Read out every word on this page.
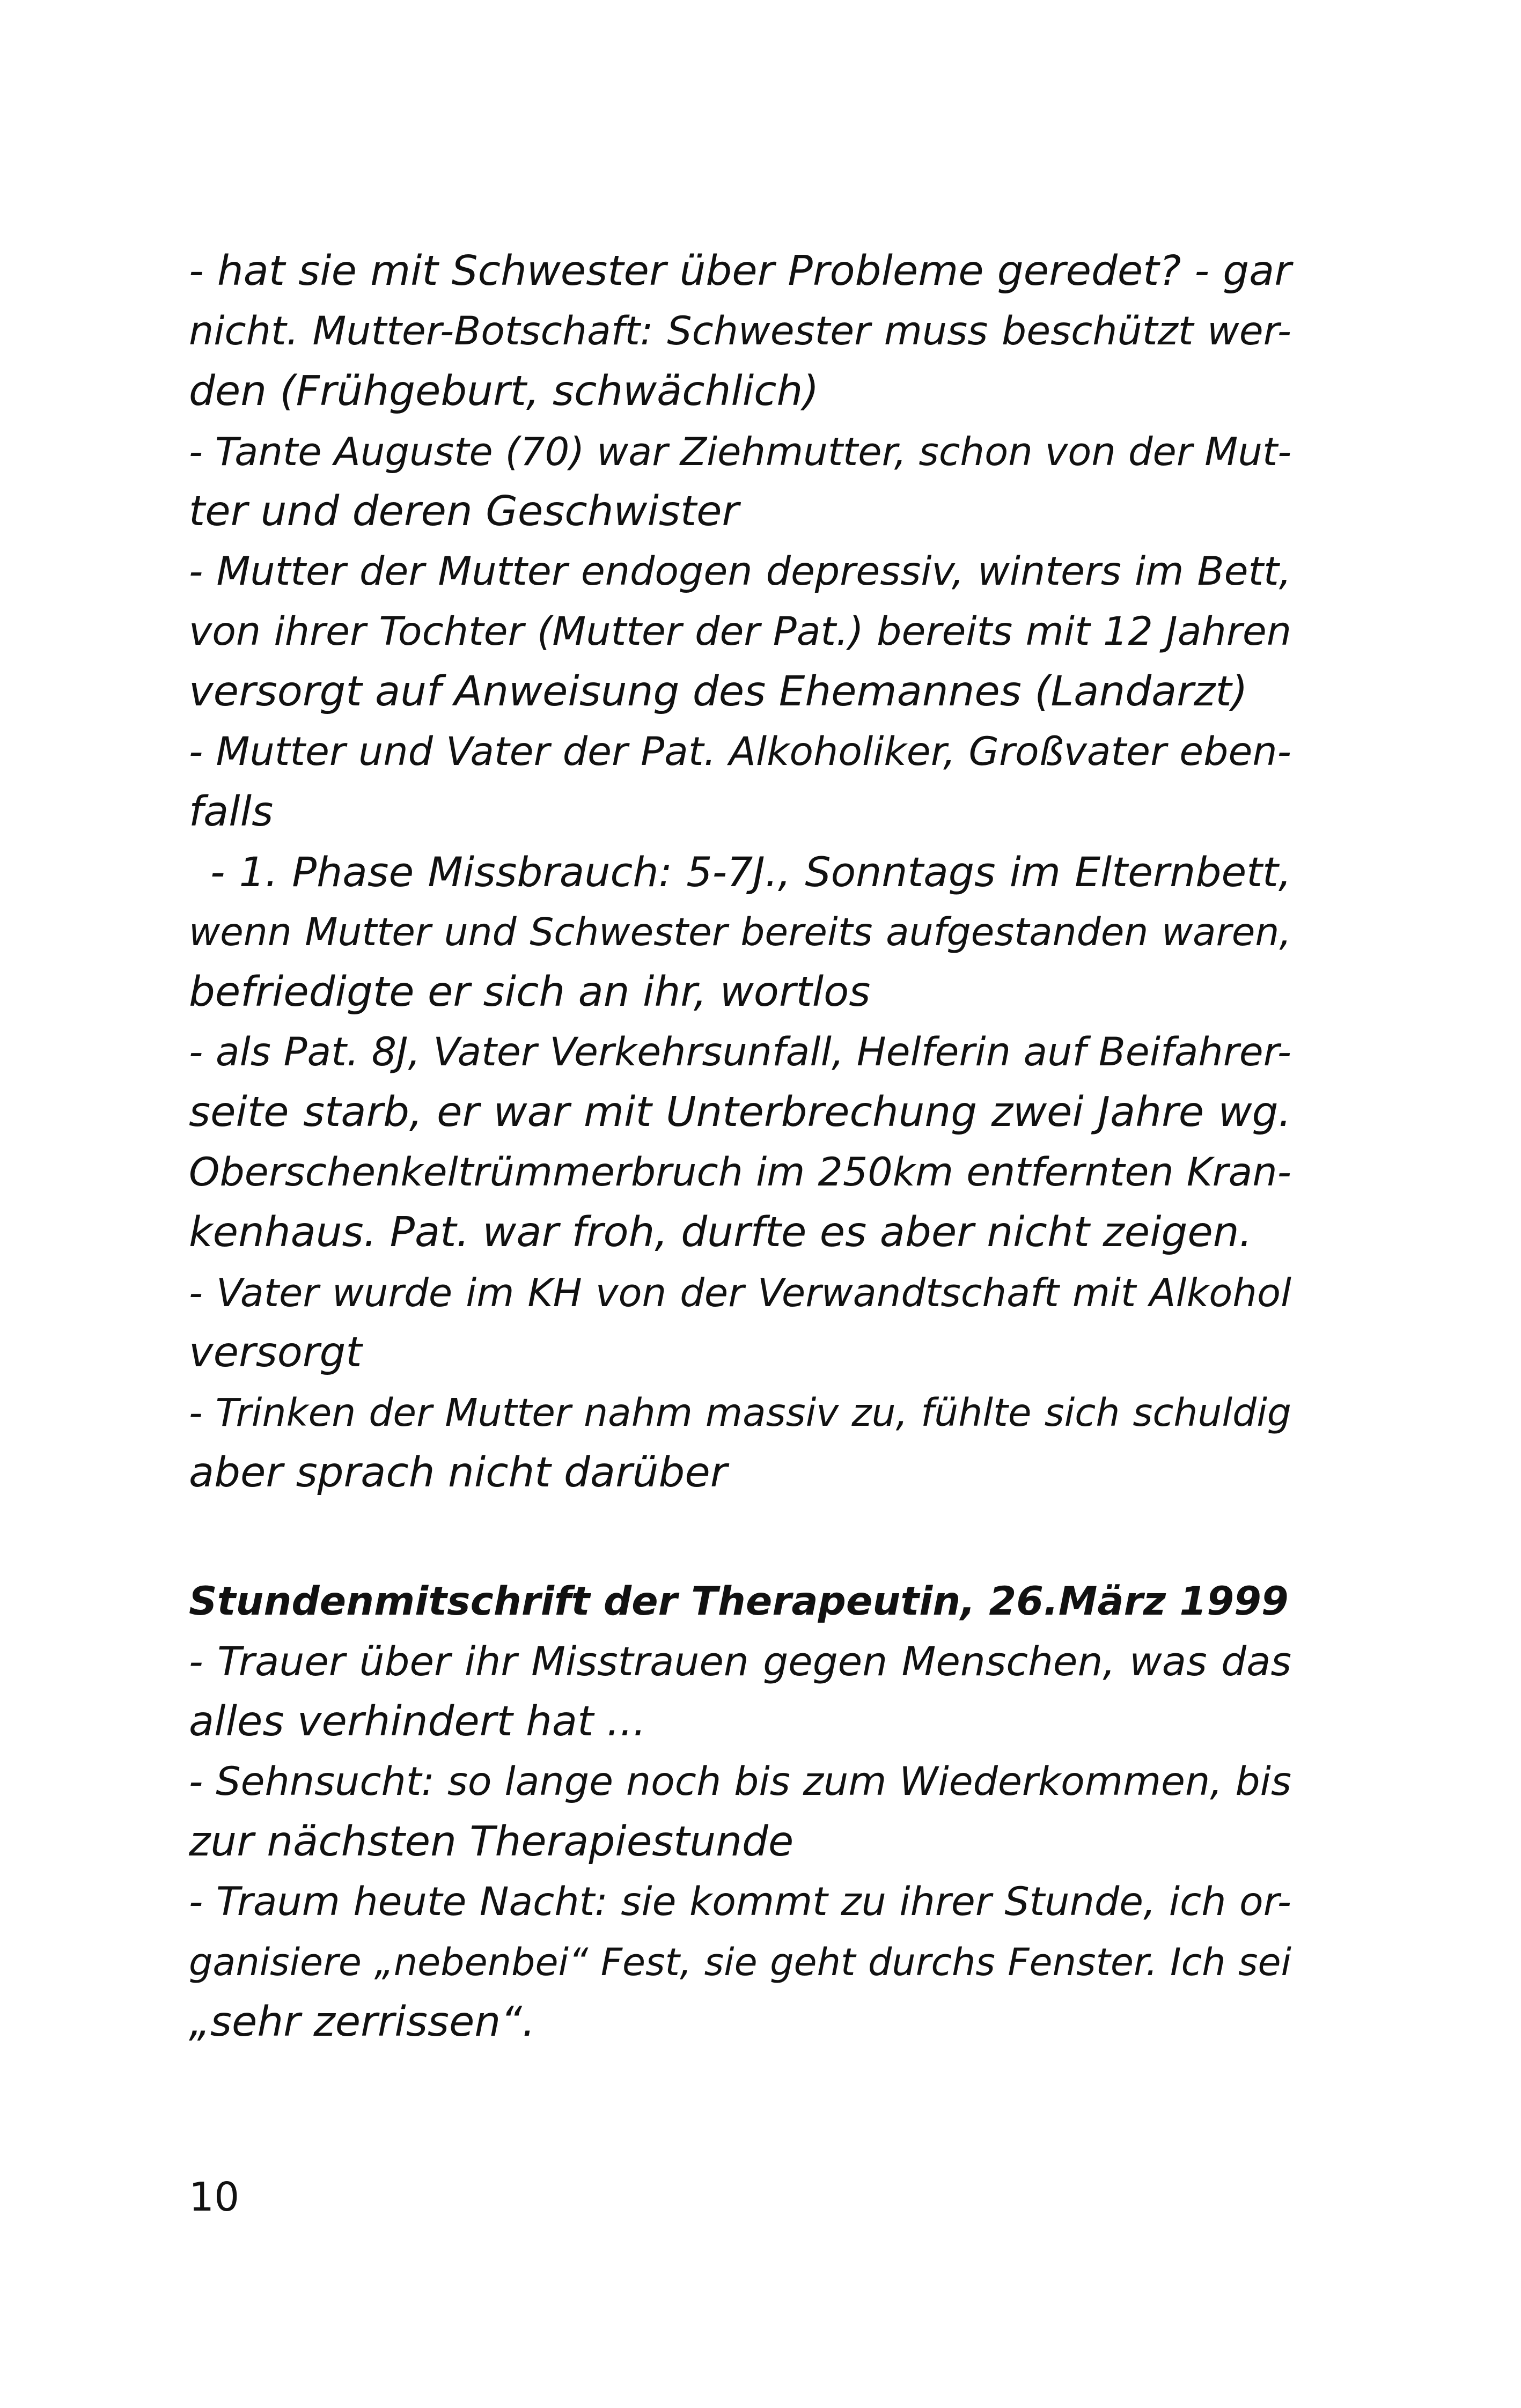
- hat sie mit Schwester über Probleme geredet? - gar
nicht. Mutter-Botschaft: Schwester muss beschützt wer-
den (Frühgeburt, schwächlich)
- Tante Auguste (70) war Ziehmutter, schon von der Mut-
ter und deren Geschwister
- Mutter der Mutter endogen depressiv, winters im Bett,
von ihrer Tochter (Mutter der Pat.) bereits mit 12 Jahren
versorgt auf Anweisung des Ehemannes (Landarzt)
- Mutter und Vater der Pat. Alkoholiker, Großvater eben-
falls
- 1. Phase Missbrauch: 5-7J., Sonntags im Elternbett,
wenn Mutter und Schwester bereits aufgestanden waren,
befriedigte er sich an ihr, wortlos
- als Pat. 8J, Vater Verkehrsunfall, Helferin auf Beifahrer-
seite starb, er war mit Unterbrechung zwei Jahre wg.
Oberschenkeltrümmerbruch im 250km entfernten Kran-
kenhaus. Pat. war froh, durfte es aber nicht zeigen.
- Vater wurde im KH von der Verwandtschaft mit Alkohol
versorgt
- Trinken der Mutter nahm massiv zu, fühlte sich schuldig
aber sprach nicht darüber
Stundenmitschrift der Therapeutin, 26.März 1999
- Trauer über ihr Misstrauen gegen Menschen, was das
alles verhindert hat ...
- Sehnsucht: so lange noch bis zum Wiederkommen, bis
zur nächsten Therapiestunde
- Traum heute Nacht: sie kommt zu ihrer Stunde, ich or-
ganisiere „nebenbei“ Fest, sie geht durchs Fenster. Ich sei
„sehr zerrissen“.
10
